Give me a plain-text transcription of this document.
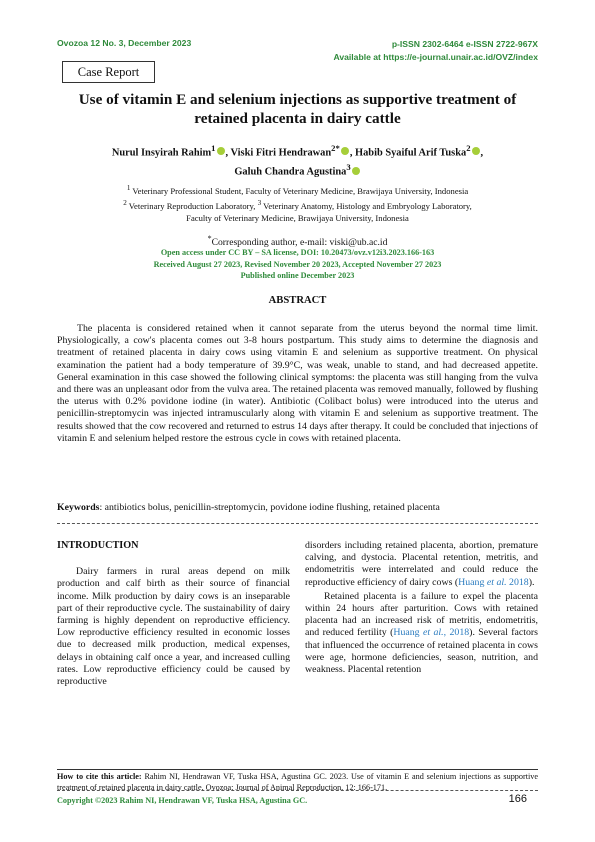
Ovozoa 12 No. 3, December 2023	p-ISSN 2302-6464 e-ISSN 2722-967X
Available at https://e-journal.unair.ac.id/OVZ/index
Case Report
Use of vitamin E and selenium injections as supportive treatment of retained placenta in dairy cattle
Nurul Insyirah Rahim$^1$ , Viski Fitri Hendrawan$^{2*}$ , Habib Syaiful Arif Tuska$^2$ ,
Galuh Chandra Agustina$^3$
$^1$ Veterinary Professional Student, Faculty of Veterinary Medicine, Brawijaya University, Indonesia
$^2$ Veterinary Reproduction Laboratory, $^3$ Veterinary Anatomy, Histology and Embryology Laboratory,
Faculty of Veterinary Medicine, Brawijaya University, Indonesia
*Corresponding author, e-mail: viski@ub.ac.id
Open access under CC BY – SA license, DOI: 10.20473/ovz.v12i3.2023.166-163
Received August 27 2023, Revised November 20 2023, Accepted November 27 2023
Published online December 2023
ABSTRACT
The placenta is considered retained when it cannot separate from the uterus beyond the normal time limit. Physiologically, a cow's placenta comes out 3-8 hours postpartum. This study aims to determine the diagnosis and treatment of retained placenta in dairy cows using vitamin E and selenium as supportive treatment. On physical examination the patient had a body temperature of 39.9°C, was weak, unable to stand, and had decreased appetite. General examination in this case showed the following clinical symptoms: the placenta was still hanging from the vulva and there was an unpleasant odor from the vulva area. The retained placenta was removed manually, followed by flushing the uterus with 0.2% povidone iodine (in water). Antibiotic (Colibact bolus) were introduced into the uterus and penicillin-streptomycin was injected intramuscularly along with vitamin E and selenium as supportive treatment. The results showed that the cow recovered and returned to estrus 14 days after therapy. It could be concluded that injections of vitamin E and selenium helped restore the estrous cycle in cows with retained placenta.
Keywords: antibiotics bolus, penicillin-streptomycin, povidone iodine flushing, retained placenta
INTRODUCTION
Dairy farmers in rural areas depend on milk production and calf birth as their source of financial income. Milk production by dairy cows is an inseparable part of their reproductive cycle. The sustainability of dairy farming is highly dependent on reproductive efficiency. Low reproductive efficiency resulted in economic losses due to decreased milk production, medical expenses, delays in obtaining calf once a year, and increased culling rates. Low reproductive efficiency could be caused by reproductive
disorders including retained placenta, abortion, premature calving, and dystocia. Placental retention, metritis, and endometritis were interrelated and could reduce the reproductive efficiency of dairy cows (Huang et al. 2018).
Retained placenta is a failure to expel the placenta within 24 hours after parturition. Cows with retained placenta had an increased risk of metritis, endometritis, and reduced fertility (Huang et al., 2018). Several factors that influenced the occurrence of retained placenta in cows were age, hormone deficiencies, season, nutrition, and weakness. Placental retention
How to cite this article: Rahim NI, Hendrawan VF, Tuska HSA, Agustina GC. 2023. Use of vitamin E and selenium injections as supportive treatment of retained placenta in dairy cattle. Ovozoa: Journal of Animal Reproduction. 12: 166-171.
Copyright ©2023 Rahim NI, Hendrawan VF, Tuska HSA, Agustina GC.	166
